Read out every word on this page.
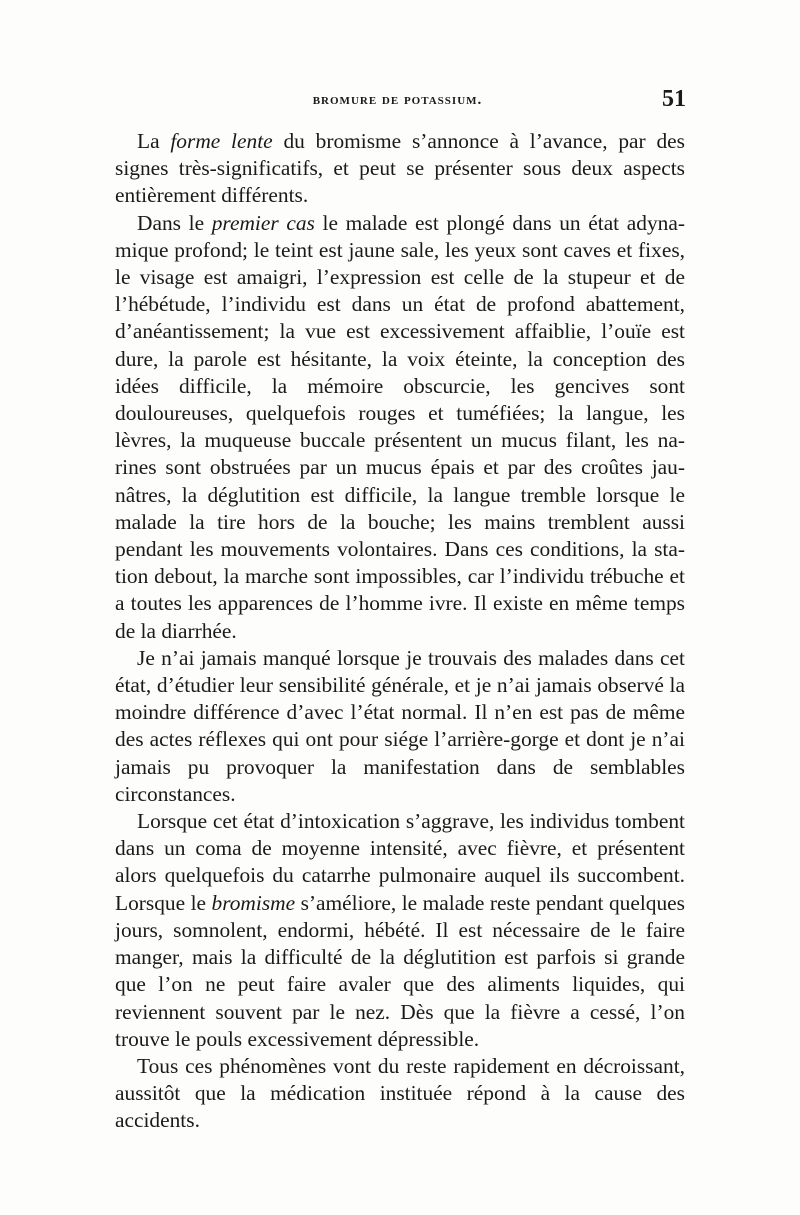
bromure de potassium.	51

La forme lente du bromisme s’annonce à l’avance, par des signes très-significatifs, et peut se présenter sous deux aspects entièrement différents.

Dans le premier cas le malade est plongé dans un état adynamique profond; le teint est jaune sale, les yeux sont caves et fixes, le visage est amaigri, l’expression est celle de la stupeur et de l’hébétude, l’individu est dans un état de profond abattement, d’anéantissement; la vue est excessivement affaiblie, l’ouïe est dure, la parole est hésitante, la voix éteinte, la conception des idées difficile, la mémoire obscurcie, les gencives sont douloureuses, quelquefois rouges et tuméfiées; la langue, les lèvres, la muqueuse buccale présentent un mucus filant, les narines sont obstruées par un mucus épais et par des croûtes jaunâtres, la déglutition est difficile, la langue tremble lorsque le malade la tire hors de la bouche; les mains tremblent aussi pendant les mouvements volontaires. Dans ces conditions, la station debout, la marche sont impossibles, car l’individu trébuche et a toutes les apparences de l’homme ivre. Il existe en même temps de la diarrhée.

Je n’ai jamais manqué lorsque je trouvais des malades dans cet état, d’étudier leur sensibilité générale, et je n’ai jamais observé la moindre différence d’avec l’état normal. Il n’en est pas de même des actes réflexes qui ont pour siége l’arrière-gorge et dont je n’ai jamais pu provoquer la manifestation dans de semblables circonstances.

Lorsque cet état d’intoxication s’aggrave, les individus tombent dans un coma de moyenne intensité, avec fièvre, et présentent alors quelquefois du catarrhe pulmonaire auquel ils succombent. Lorsque le bromisme s’améliore, le malade reste pendant quelques jours, somnolent, endormi, hébété. Il est nécessaire de le faire manger, mais la difficulté de la déglutition est parfois si grande que l’on ne peut faire avaler que des aliments liquides, qui reviennent souvent par le nez. Dès que la fièvre a cessé, l’on trouve le pouls excessivement dépressible.

Tous ces phénomènes vont du reste rapidement en décroissant, aussitôt que la médication instituée répond à la cause des accidents.
